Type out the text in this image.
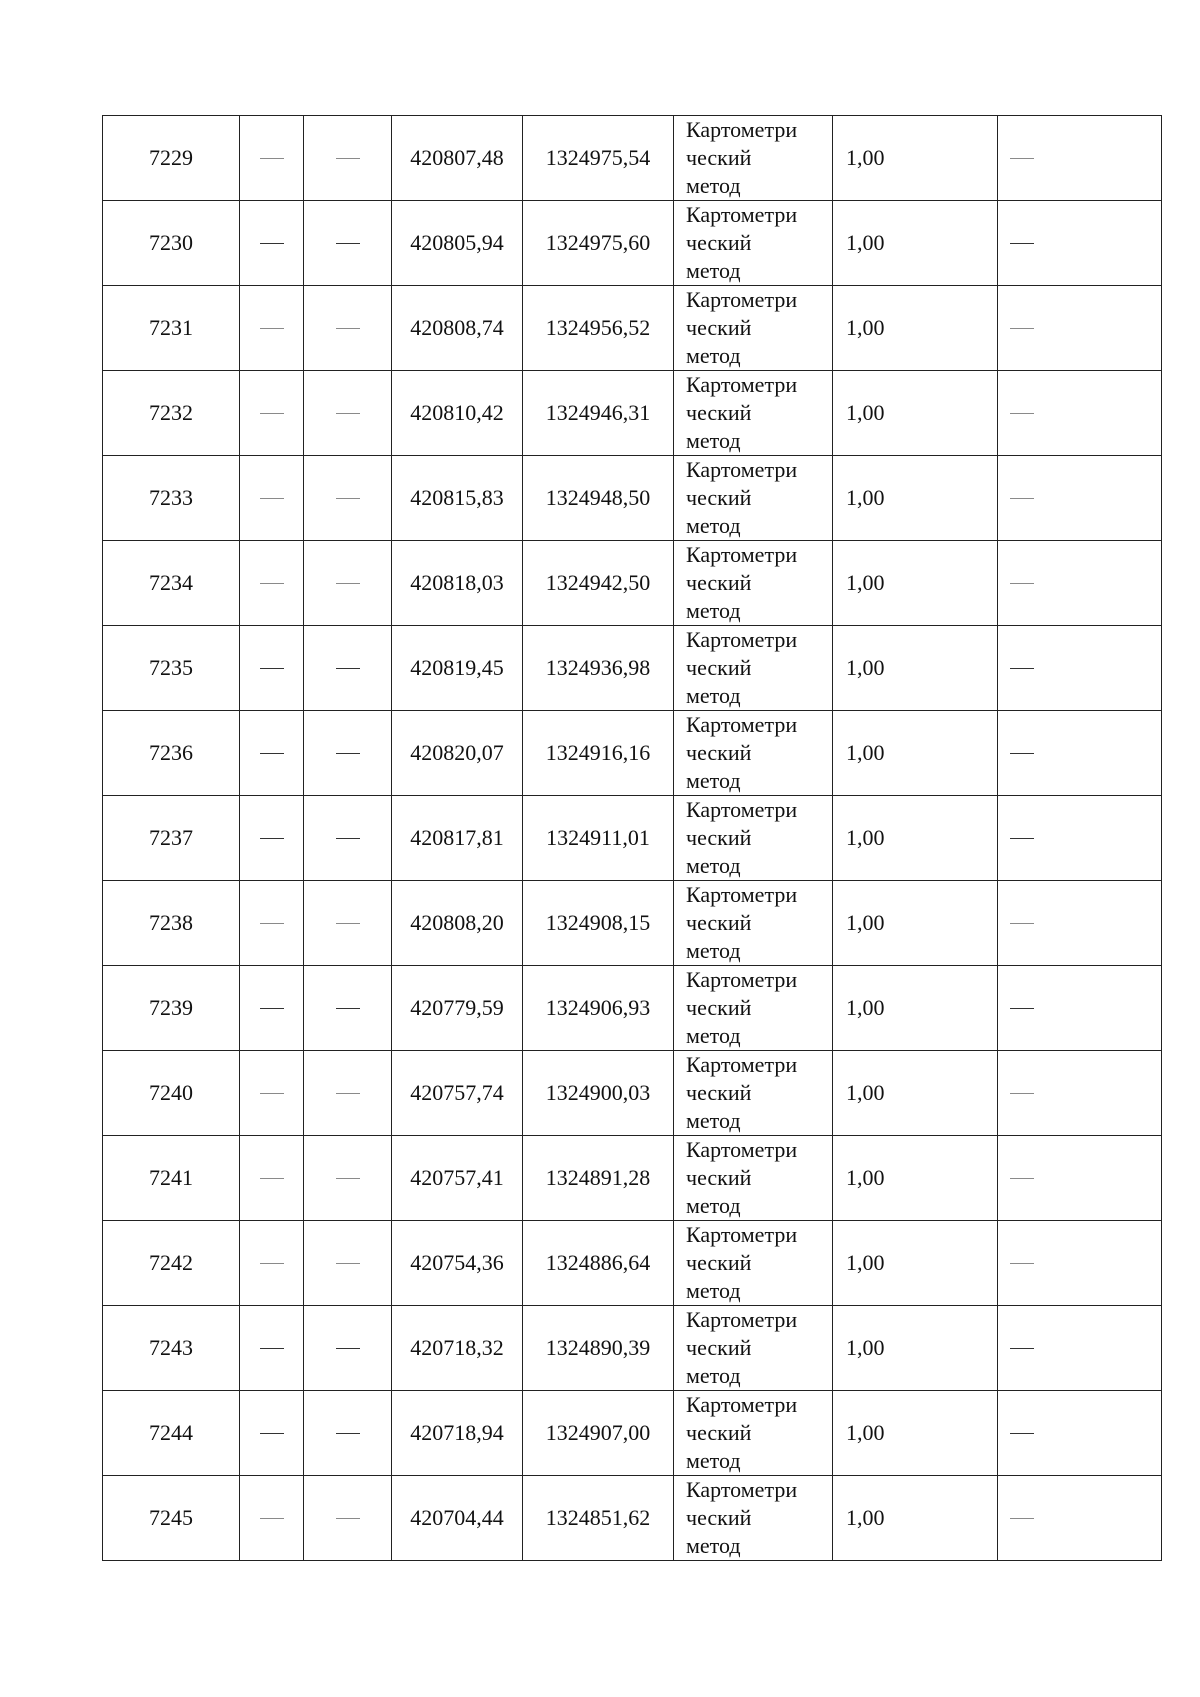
7229			420807,48	1324975,54	Картометри
ческий
метод	1,00	
7230			420805,94	1324975,60	Картометри
ческий
метод	1,00	
7231			420808,74	1324956,52	Картометри
ческий
метод	1,00	
7232			420810,42	1324946,31	Картометри
ческий
метод	1,00	
7233			420815,83	1324948,50	Картометри
ческий
метод	1,00	
7234			420818,03	1324942,50	Картометри
ческий
метод	1,00	
7235			420819,45	1324936,98	Картометри
ческий
метод	1,00	
7236			420820,07	1324916,16	Картометри
ческий
метод	1,00	
7237			420817,81	1324911,01	Картометри
ческий
метод	1,00	
7238			420808,20	1324908,15	Картометри
ческий
метод	1,00	
7239			420779,59	1324906,93	Картометри
ческий
метод	1,00	
7240			420757,74	1324900,03	Картометри
ческий
метод	1,00	
7241			420757,41	1324891,28	Картометри
ческий
метод	1,00	
7242			420754,36	1324886,64	Картометри
ческий
метод	1,00	
7243			420718,32	1324890,39	Картометри
ческий
метод	1,00	
7244			420718,94	1324907,00	Картометри
ческий
метод	1,00	
7245			420704,44	1324851,62	Картометри
ческий
метод	1,00	
